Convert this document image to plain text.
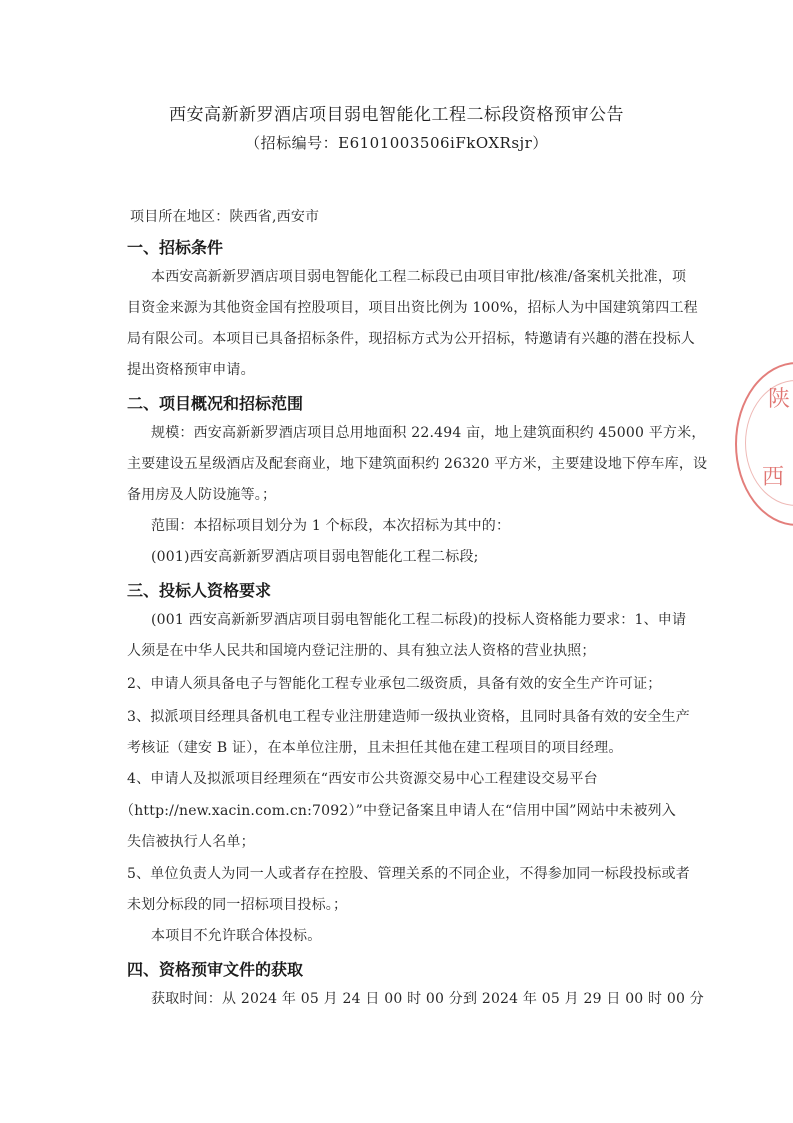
西安高新新罗酒店项目弱电智能化工程二标段资格预审公告
（招标编号：E6101003506iFkOXRsjr）
项目所在地区：陕西省,西安市
一、招标条件
本西安高新新罗酒店项目弱电智能化工程二标段已由项目审批/核准/备案机关批准，项
目资金来源为其他资金国有控股项目，项目出资比例为 100%，招标人为中国建筑第四工程
局有限公司。本项目已具备招标条件，现招标方式为公开招标，特邀请有兴趣的潜在投标人
提出资格预审申请。
二、项目概况和招标范围
规模：西安高新新罗酒店项目总用地面积 22.494 亩，地上建筑面积约 45000 平方米，
主要建设五星级酒店及配套商业，地下建筑面积约 26320 平方米，主要建设地下停车库，设
备用房及人防设施等。；
范围：本招标项目划分为 1 个标段，本次招标为其中的：
(001)西安高新新罗酒店项目弱电智能化工程二标段;
三、投标人资格要求
(001 西安高新新罗酒店项目弱电智能化工程二标段)的投标人资格能力要求：1、申请
人须是在中华人民共和国境内登记注册的、具有独立法人资格的营业执照；
2、申请人须具备电子与智能化工程专业承包二级资质，具备有效的安全生产许可证；
3、拟派项目经理具备机电工程专业注册建造师一级执业资格，且同时具备有效的安全生产
考核证（建安 B 证），在本单位注册，且未担任其他在建工程项目的项目经理。
4、申请人及拟派项目经理须在“西安市公共资源交易中心工程建设交易平台
（http://new.xacin.com.cn:7092）”中登记备案且申请人在“信用中国”网站中未被列入
失信被执行人名单；
5、单位负责人为同一人或者存在控股、管理关系的不同企业，不得参加同一标段投标或者
未划分标段的同一招标项目投标。；
本项目不允许联合体投标。
四、资格预审文件的获取
获取时间：从 2024 年 05 月 24 日 00 时 00 分到 2024 年 05 月 29 日 00 时 00 分
陕
西
